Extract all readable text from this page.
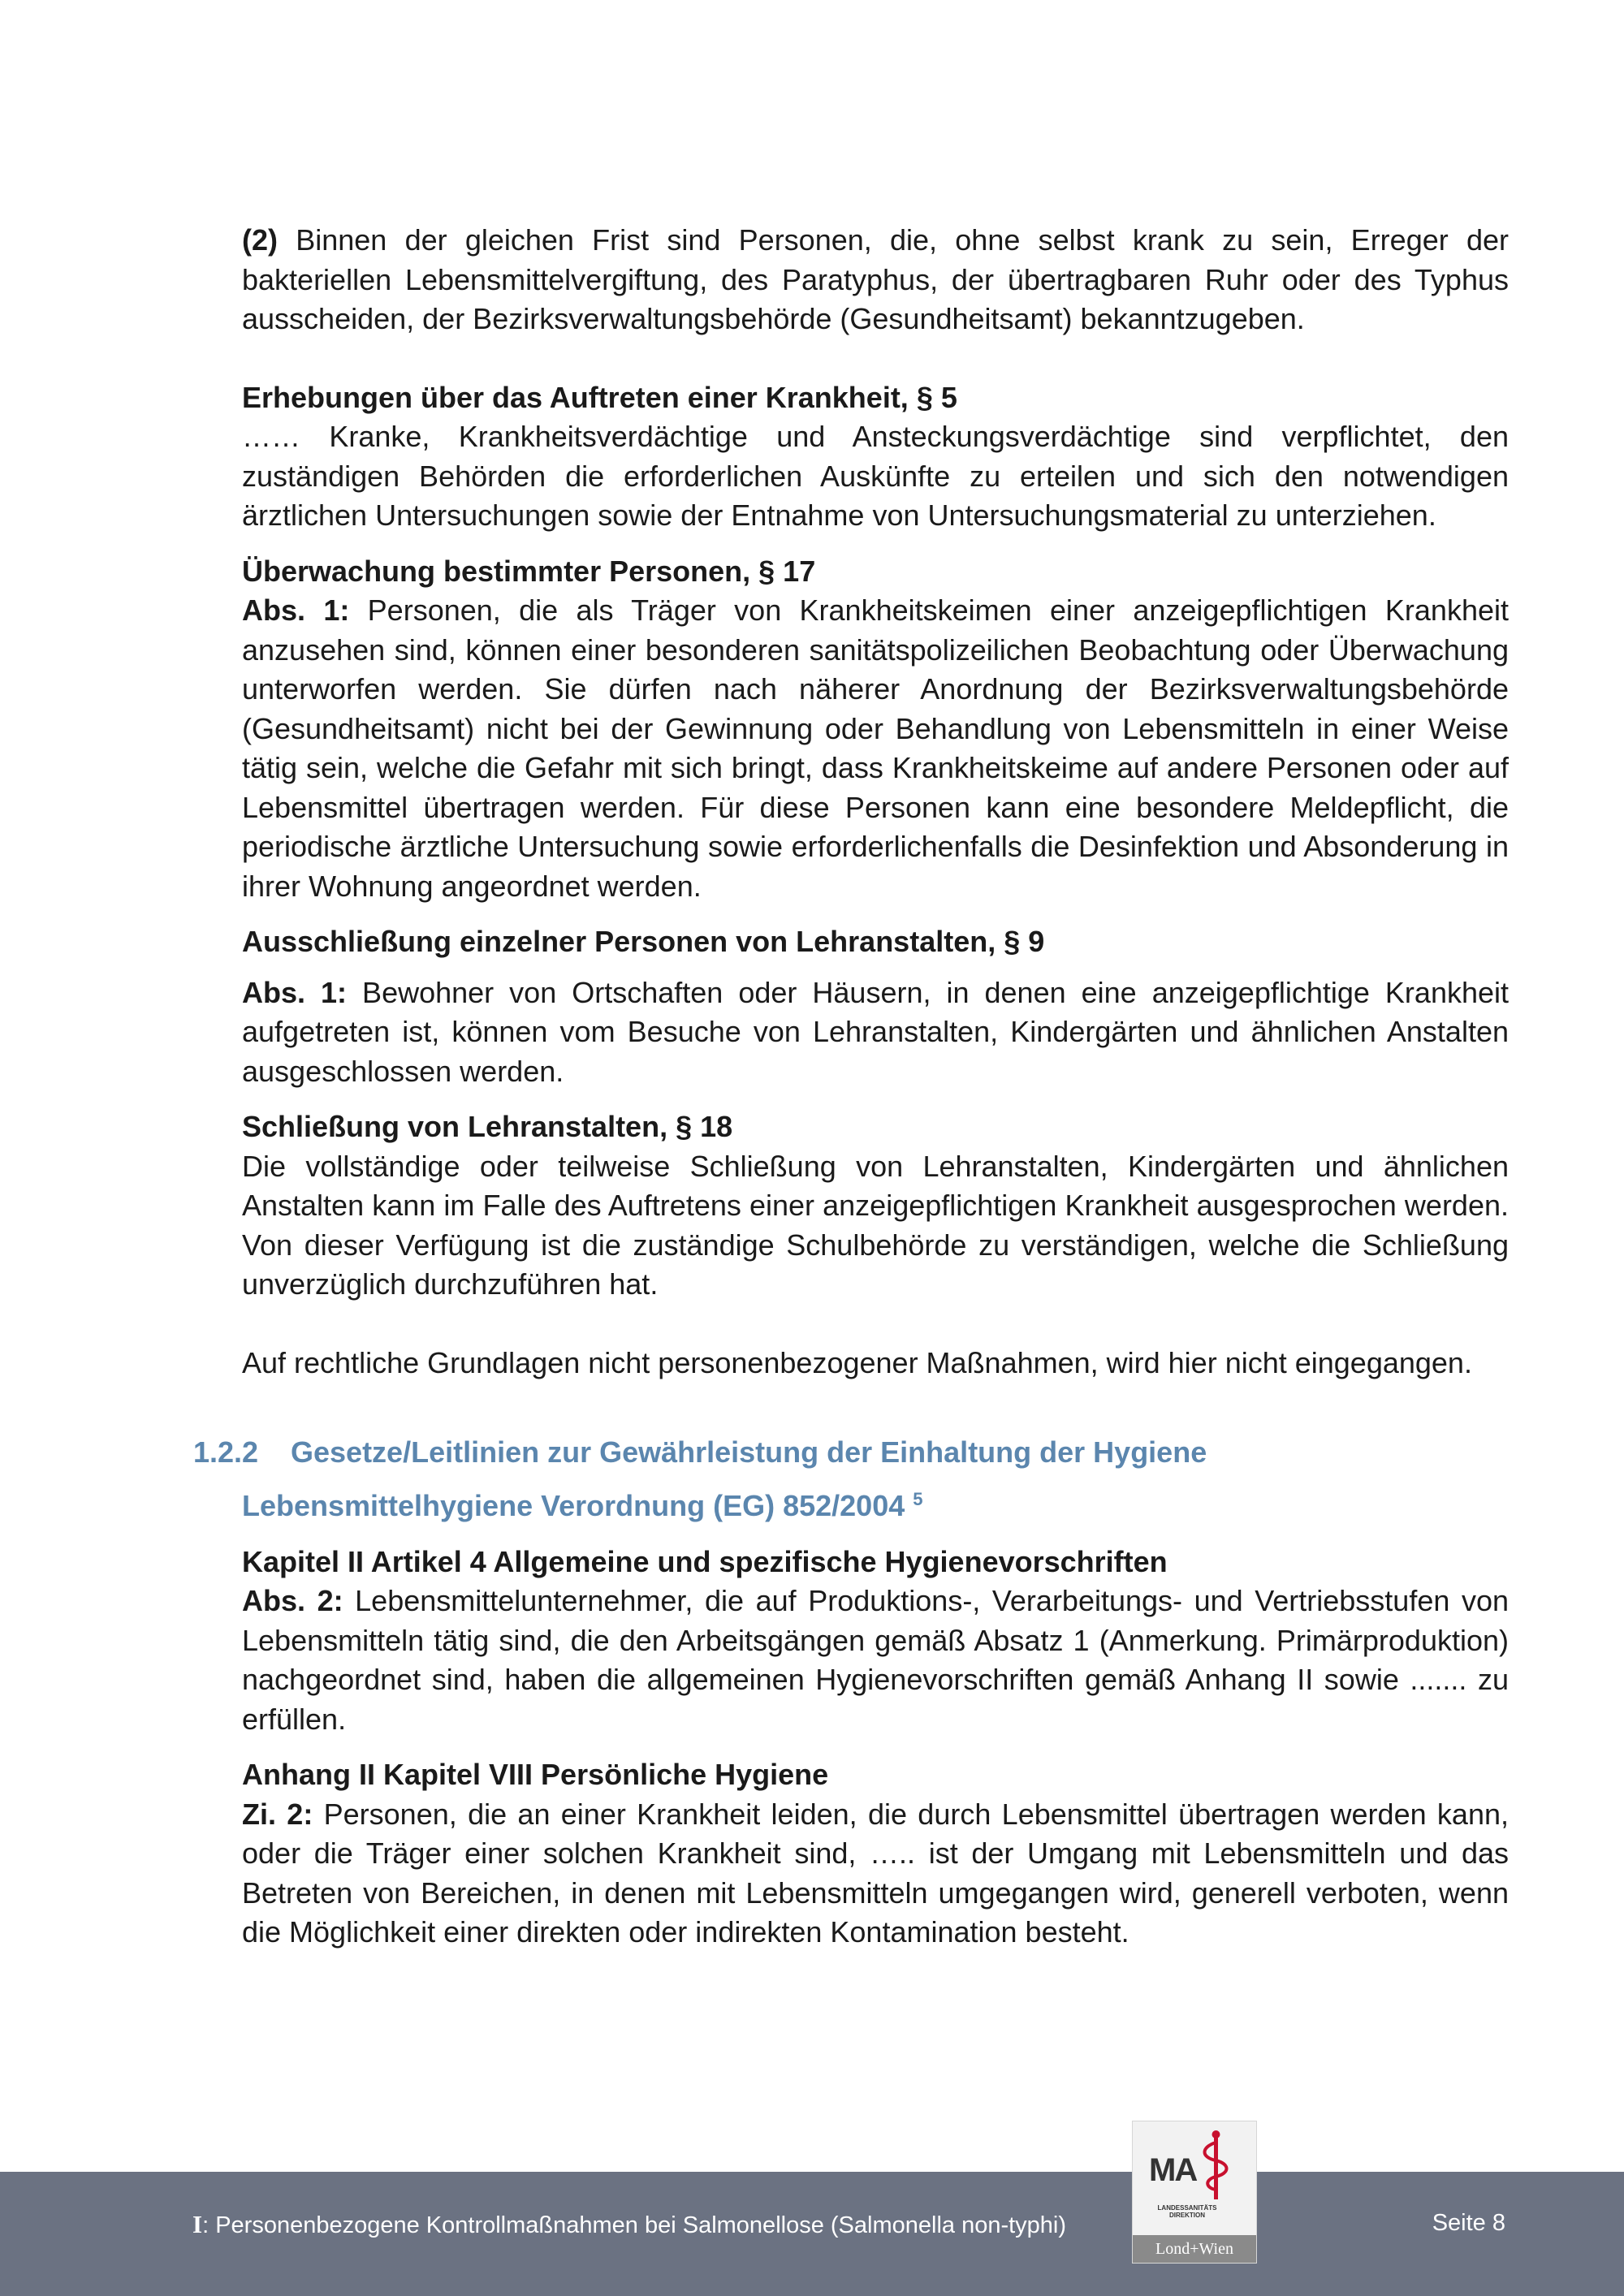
(2) Binnen der gleichen Frist sind Personen, die, ohne selbst krank zu sein, Erreger der bakteriellen Lebensmittelvergiftung, des Paratyphus, der übertragbaren Ruhr oder des Typhus ausscheiden, der Bezirksverwaltungsbehörde (Gesundheitsamt) bekanntzugeben.

Erhebungen über das Auftreten einer Krankheit, § 5

…… Kranke, Krankheitsverdächtige und Ansteckungsverdächtige sind verpflichtet, den zuständigen Behörden die erforderlichen Auskünfte zu erteilen und sich den notwendigen ärztlichen Untersuchungen sowie der Entnahme von Untersuchungsmaterial zu unterziehen.

Überwachung bestimmter Personen, § 17

Abs. 1: Personen, die als Träger von Krankheitskeimen einer anzeigepflichtigen Krankheit anzusehen sind, können einer besonderen sanitätspolizeilichen Beobachtung oder Überwachung unterworfen werden. Sie dürfen nach näherer Anordnung der Bezirksverwaltungsbehörde (Gesundheitsamt) nicht bei der Gewinnung oder Behandlung von Lebensmitteln in einer Weise tätig sein, welche die Gefahr mit sich bringt, dass Krankheitskeime auf andere Personen oder auf Lebensmittel übertragen werden. Für diese Personen kann eine besondere Meldepflicht, die periodische ärztliche Untersuchung sowie erforderlichenfalls die Desinfektion und Absonderung in ihrer Wohnung angeordnet werden.

Ausschließung einzelner Personen von Lehranstalten, § 9

Abs. 1: Bewohner von Ortschaften oder Häusern, in denen eine anzeigepflichtige Krankheit aufgetreten ist, können vom Besuche von Lehranstalten, Kindergärten und ähnlichen Anstalten ausgeschlossen werden.

Schließung von Lehranstalten, § 18

Die vollständige oder teilweise Schließung von Lehranstalten, Kindergärten und ähnlichen Anstalten kann im Falle des Auftretens einer anzeigepflichtigen Krankheit ausgesprochen werden. Von dieser Verfügung ist die zuständige Schulbehörde zu verständigen, welche die Schließung unverzüglich durchzuführen hat.

Auf rechtliche Grundlagen nicht personenbezogener Maßnahmen, wird hier nicht eingegangen.

1.2.2 Gesetze/Leitlinien zur Gewährleistung der Einhaltung der Hygiene
Lebensmittelhygiene Verordnung (EG) 852/2004 $^5$
Kapitel II Artikel 4 Allgemeine und spezifische Hygienevorschriften

Abs. 2: Lebensmittelunternehmer, die auf Produktions-, Verarbeitungs- und Vertriebsstufen von Lebensmitteln tätig sind, die den Arbeitsgängen gemäß Absatz 1 (Anmerkung. Primärproduktion) nachgeordnet sind, haben die allgemeinen Hygienevorschriften gemäß Anhang II sowie ....... zu erfüllen.

Anhang II Kapitel VIII Persönliche Hygiene

Zi. 2: Personen, die an einer Krankheit leiden, die durch Lebensmittel übertragen werden kann, oder die Träger einer solchen Krankheit sind, ….. ist der Umgang mit Lebensmitteln und das Betreten von Bereichen, in denen mit Lebensmitteln umgegangen wird, generell verboten, wenn die Möglichkeit einer direkten oder indirekten Kontamination besteht.

I: Personenbezogene Kontrollmaßnahmen bei Salmonellose (Salmonella non-typhi)	Seite 8
MA
LANDESSANITÄTS
DIREKTION
Lond+Wien
